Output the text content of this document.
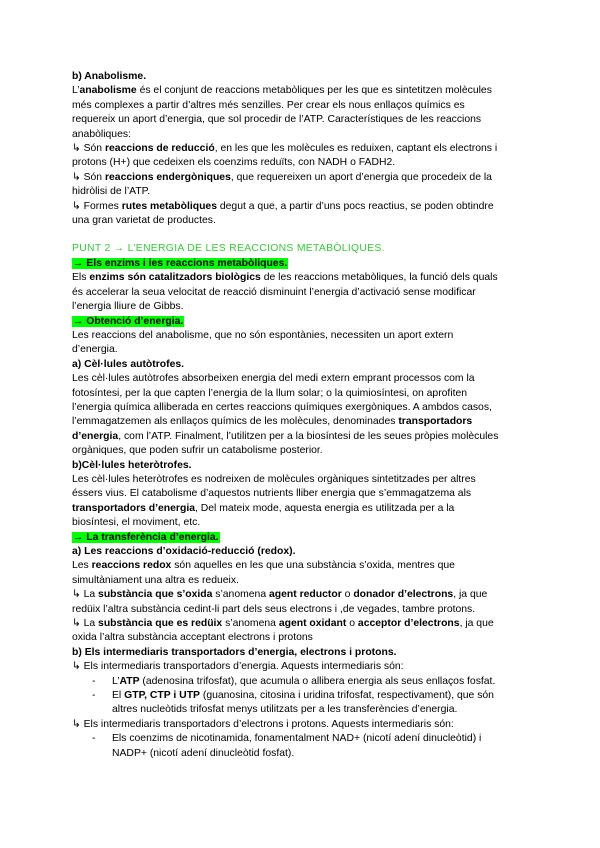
b) Anabolisme.
L’anabolisme és el conjunt de reaccions metabòliques per les que es sintetitzen molècules
més complexes a partir d’altres més senzilles. Per crear els nous enllaços químics es
requereix un aport d’energia, que sol procedir de l’ATP. Característiques de les reaccions
anabòliques:
↳ Són reaccions de reducció, en les que les molècules es reduixen, captant els electrons i
protons (H+) que cedeixen els coenzims reduïts, con NADH o FADH2.
↳ Són reaccions endergòniques, que requereixen un aport d’energia que procedeix de la
hidròlisi de l’ATP.
↳ Formes rutes metabòliques degut a que, a partir d’uns pocs reactius, se poden obtindre
una gran varietat de productes.
PUNT 2 → L’ENERGIA DE LES REACCIONS METABÒLIQUES.
→ Els enzims i les reaccions metabòliques.
Els enzims són catalitzadors biològics de les reaccions metabòliques, la funció dels quals
és accelerar la seua velocitat de reacció disminuint l’energia d’activació sense modificar
l’energia lliure de Gibbs.
→ Obtenció d’energia.
Les reaccions del anabolisme, que no són espontànies, necessiten un aport extern
d’energia.
a) Cèl·lules autòtrofes.
Les cèl·lules autòtrofes absorbeixen energia del medi extern emprant processos com la
fotosíntesi, per la que capten l’energia de la llum solar; o la quimiosíntesi, on aprofiten
l’energia química alliberada en certes reaccions químiques exergòniques. A ambdos casos,
l’emmagatzemen als enllaços químics de les molècules, denominades transportadors
d’energia, com l’ATP. Finalment, l’utilitzen per a la biosíntesi de les seues pròpies molècules
orgàniques, que poden sufrir un catabolisme posterior.
b)Cèl·lules heteròtrofes.
Les cèl·lules heteròtrofes es nodreixen de molècules orgàniques sintetitzades per altres
éssers vius. El catabolisme d’aquestos nutrients lliber energia que s’emmagatzema als
transportadors d’energia, Del mateix mode, aquesta energia es utilitzada per a la
biosíntesi, el moviment, etc.
→ La transferència d’energia.
a) Les reaccions d’oxidació-reducció (redox).
Les reaccions redox són aquelles en les que una substància s’oxida, mentres que
simultàniament una altra es redueix.
↳ La substància que s’oxida s’anomena agent reductor o donador d’electrons, ja que
redüix l’altra substància cedint-li part dels seus electrons i ,de vegades, tambre protons.
↳ La substància que es redüix s’anomena agent oxidant o acceptor d’electrons, ja que
oxida l’altra substància acceptant electrons i protons
b) Els intermediaris transportadors d’energia, electrons i protons.
↳ Els intermediaris transportadors d’energia. Aquests intermediaris són:
- L’ATP (adenosina trifosfat), que acumula o allibera energia als seus enllaços fosfat.
- El GTP, CTP i UTP (guanosina, citosina i uridina trifosfat, respectivament), que són
altres nucleòtids trifosfat menys utilitzats per a les transferències d’energia.
↳ Els intermediaris transportadors d’electrons i protons. Aquests intermediaris són:
- Els coenzims de nicotinamida, fonamentalment NAD+ (nicotí adení dinucleòtid) i
NADP+ (nicotí adení dinucleòtid fosfat).
